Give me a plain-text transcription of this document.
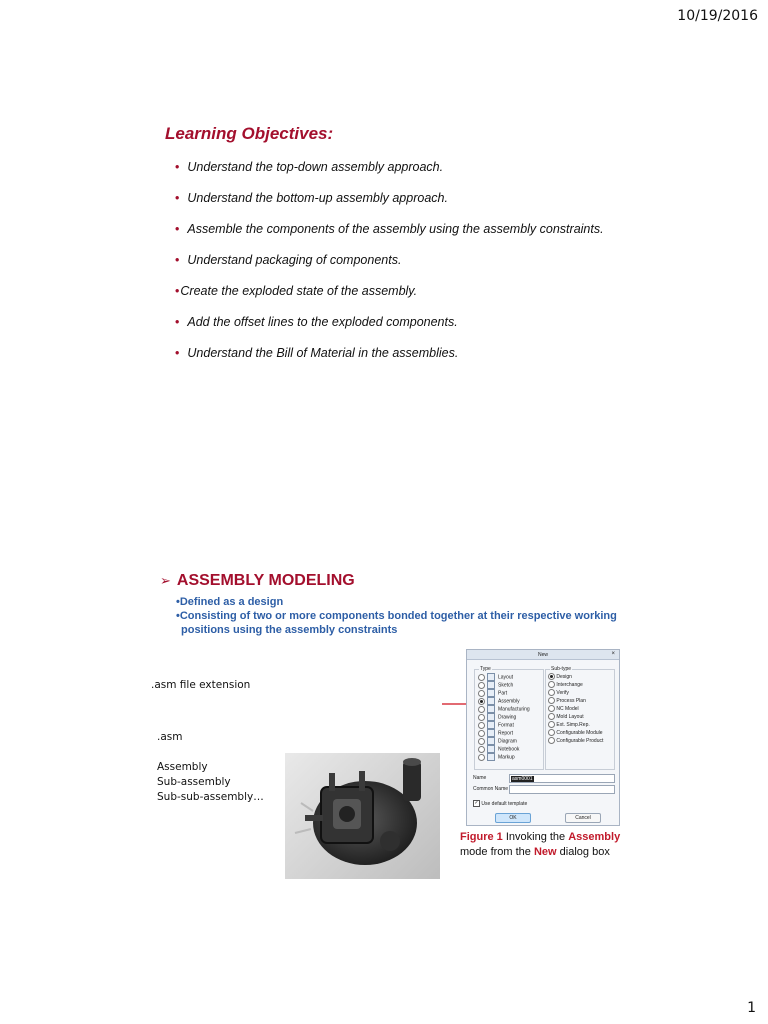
10/19/2016
Learning Objectives:
• Understand the top-down assembly approach.
• Understand the bottom-up assembly approach.
• Assemble the components of the assembly using the assembly constraints.
• Understand packaging of components.
•Create the exploded state of the assembly.
• Add the offset lines to the exploded components.
• Understand the Bill of Material in the assemblies.
➢ ASSEMBLY MODELING
•Defined as a design
•Consisting of two or more components bonded together at their respective working
positions using the assembly constraints
.asm file extension
.asm
Assembly
Sub-assembly
Sub-sub-assembly…
New	×
Type	Sub-type
Layout
Sketch
Part
Assembly
Manufacturing
Drawing
Format
Report
Diagram
Notebook
Markup
Design
Interchange
Verify
Process Plan
NC Model
Mold Layout
Ext. Simp.Rep.
Configurable Module
Configurable Product
Name	asm0001
Common Name
✓ Use default template
OK	Cancel
Figure 1 Invoking the Assembly
mode from the New dialog box
1
